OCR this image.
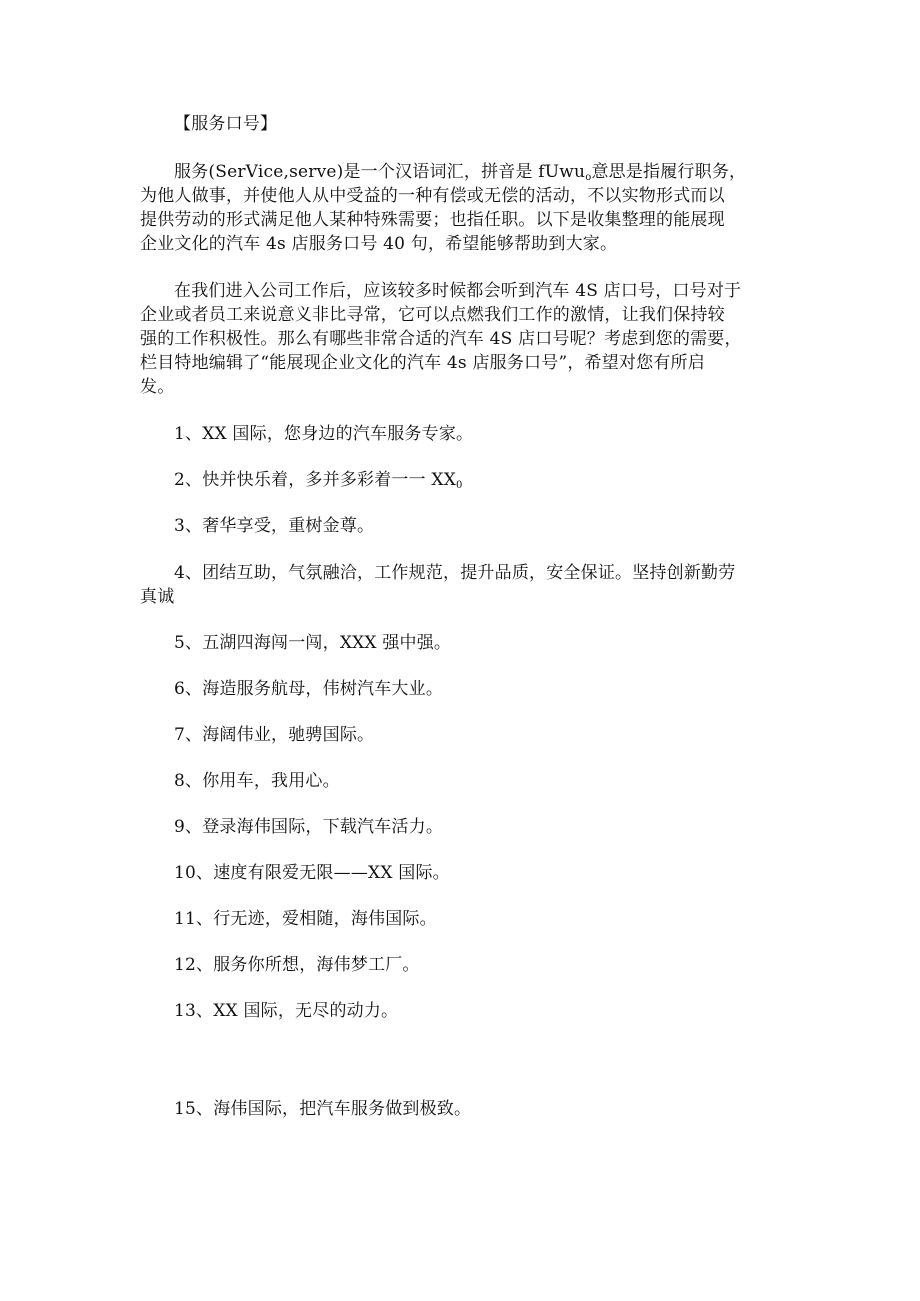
【服务口号】
服务(SerVice,serve)是一个汉语词汇，拼音是 fUwu$_o$意思是指履行职务，
为他人做事，并使他人从中受益的一种有偿或无偿的活动，不以实物形式而以
提供劳动的形式满足他人某种特殊需要；也指任职。以下是收集整理的能展现
企业文化的汽车 4s 店服务口号 40 句，希望能够帮助到大家。
在我们进入公司工作后，应该较多时候都会听到汽车 4S 店口号，口号对于
企业或者员工来说意义非比寻常，它可以点燃我们工作的激情，让我们保持较
强的工作积极性。那么有哪些非常合适的汽车 4S 店口号呢？考虑到您的需要，
栏目特地编辑了“能展现企业文化的汽车 4s 店服务口号”，希望对您有所启
发。
1、XX 国际，您身边的汽车服务专家。
2、快并快乐着，多并多彩着一一 $XX_0$
3、奢华享受，重树金尊。
4、团结互助，气氛融洽，工作规范，提升品质，安全保证。坚持创新勤劳
真诚
5、五湖四海闯一闯，XXX 强中强。
6、海造服务航母，伟树汽车大业。
7、海阔伟业，驰骋国际。
8、你用车，我用心。
9、登录海伟国际，下载汽车活力。
10、速度有限爱无限——XX 国际。
11、行无迹，爱相随，海伟国际。
12、服务你所想，海伟梦工厂。
13、XX 国际，无尽的动力。
15、海伟国际，把汽车服务做到极致。
